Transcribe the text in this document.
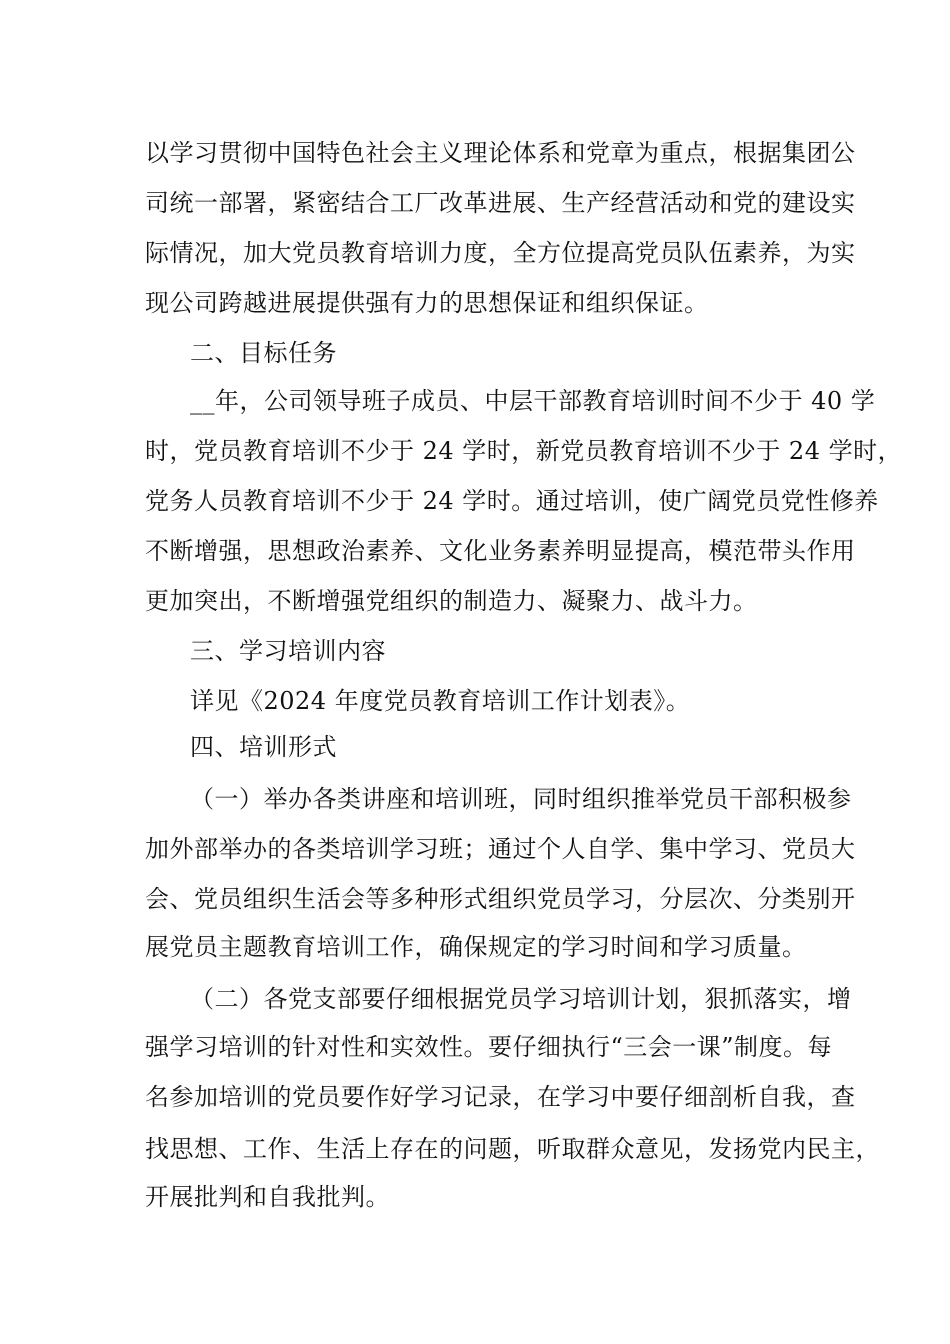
以学习贯彻中国特色社会主义理论体系和党章为重点，根据集团公
司统一部署，紧密结合工厂改革进展、生产经营活动和党的建设实
际情况，加大党员教育培训力度，全方位提高党员队伍素养，为实
现公司跨越进展提供强有力的思想保证和组织保证。
二、目标任务
__年，公司领导班子成员、中层干部教育培训时间不少于 40 学
时，党员教育培训不少于 24 学时，新党员教育培训不少于 24 学时，
党务人员教育培训不少于 24 学时。通过培训，使广阔党员党性修养
不断增强，思想政治素养、文化业务素养明显提高，模范带头作用
更加突出，不断增强党组织的制造力、凝聚力、战斗力。
三、学习培训内容
详见《2024 年度党员教育培训工作计划表》。
四、培训形式
（一）举办各类讲座和培训班，同时组织推举党员干部积极参
加外部举办的各类培训学习班；通过个人自学、集中学习、党员大
会、党员组织生活会等多种形式组织党员学习，分层次、分类别开
展党员主题教育培训工作，确保规定的学习时间和学习质量。
（二）各党支部要仔细根据党员学习培训计划，狠抓落实，增
强学习培训的针对性和实效性。要仔细执行“三会一课”制度。每
名参加培训的党员要作好学习记录，在学习中要仔细剖析自我，查
找思想、工作、生活上存在的问题，听取群众意见，发扬党内民主，
开展批判和自我批判。
